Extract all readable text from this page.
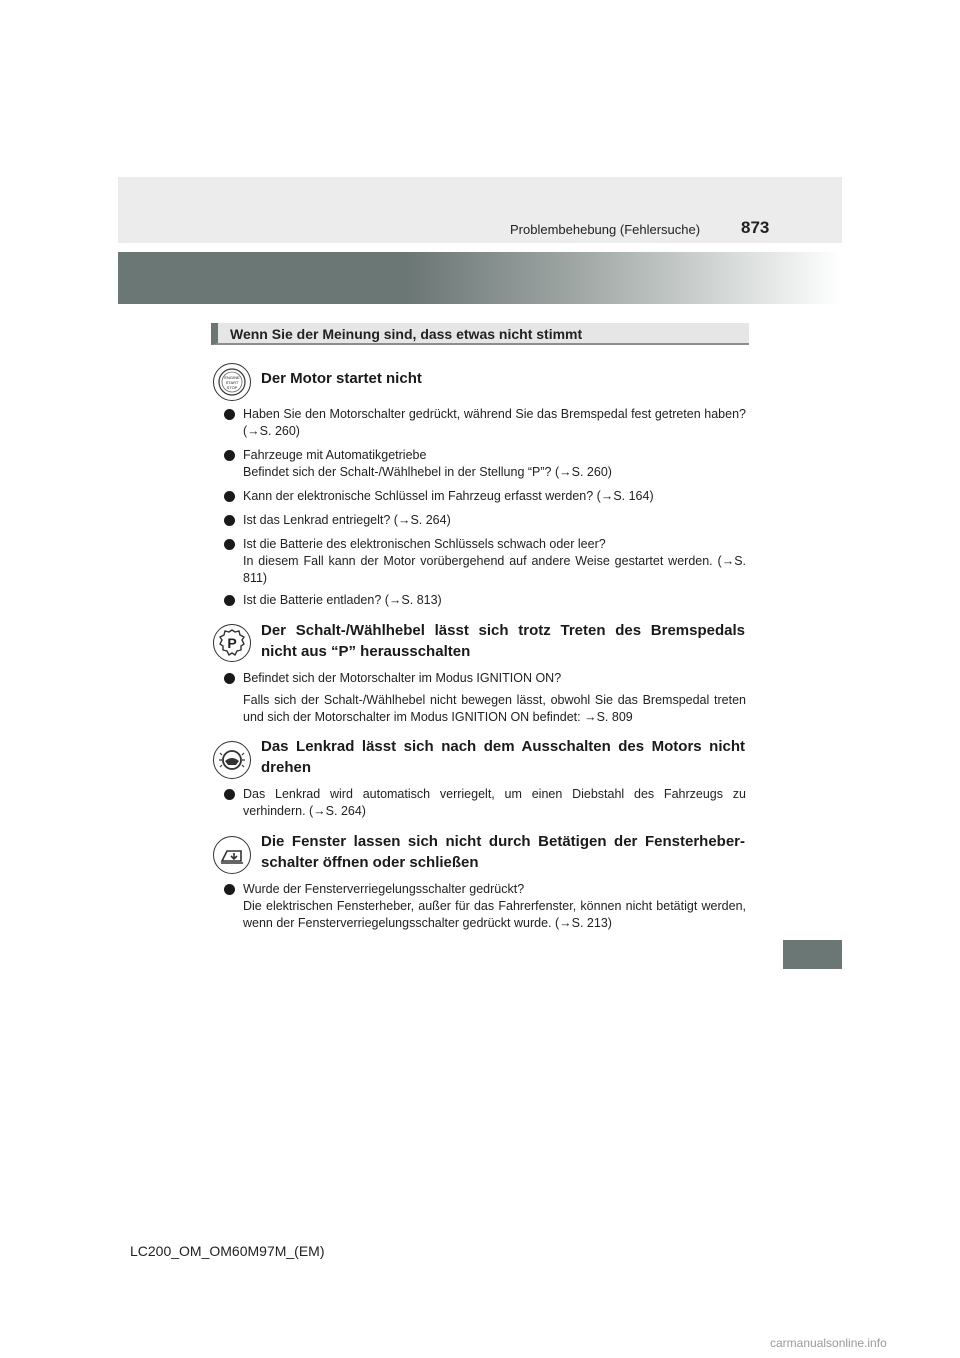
Problembehebung (Fehlersuche) 873
Wenn Sie der Meinung sind, dass etwas nicht stimmt
ENGINE
START
STOP
Der Motor startet nicht
Haben Sie den Motorschalter gedrückt, während Sie das Bremspedal fest getreten haben? (→S. 260)
Fahrzeuge mit Automatikgetriebe
Befindet sich der Schalt-/Wählhebel in der Stellung “P”? (→S. 260)
Kann der elektronische Schlüssel im Fahrzeug erfasst werden? (→S. 164)
Ist das Lenkrad entriegelt? (→S. 264)
Ist die Batterie des elektronischen Schlüssels schwach oder leer?
In diesem Fall kann der Motor vorübergehend auf andere Weise gestartet werden. (→S. 811)
Ist die Batterie entladen? (→S. 813)
P
Der Schalt-/Wählhebel lässt sich trotz Treten des Bremspedals nicht aus “P” herausschalten
Befindet sich der Motorschalter im Modus IGNITION ON?
Falls sich der Schalt-/Wählhebel nicht bewegen lässt, obwohl Sie das Bremspedal treten und sich der Motorschalter im Modus IGNITION ON befindet: →S. 809
Das Lenkrad lässt sich nach dem Ausschalten des Motors nicht drehen
Das Lenkrad wird automatisch verriegelt, um einen Diebstahl des Fahrzeugs zu verhindern. (→S. 264)
Die Fenster lassen sich nicht durch Betätigen der Fensterheber-schalter öffnen oder schließen
Wurde der Fensterverriegelungsschalter gedrückt?
Die elektrischen Fensterheber, außer für das Fahrerfenster, können nicht betätigt werden, wenn der Fensterverriegelungsschalter gedrückt wurde. (→S. 213)
LC200_OM_OM60M97M_(EM)
carmanualsonline.info
